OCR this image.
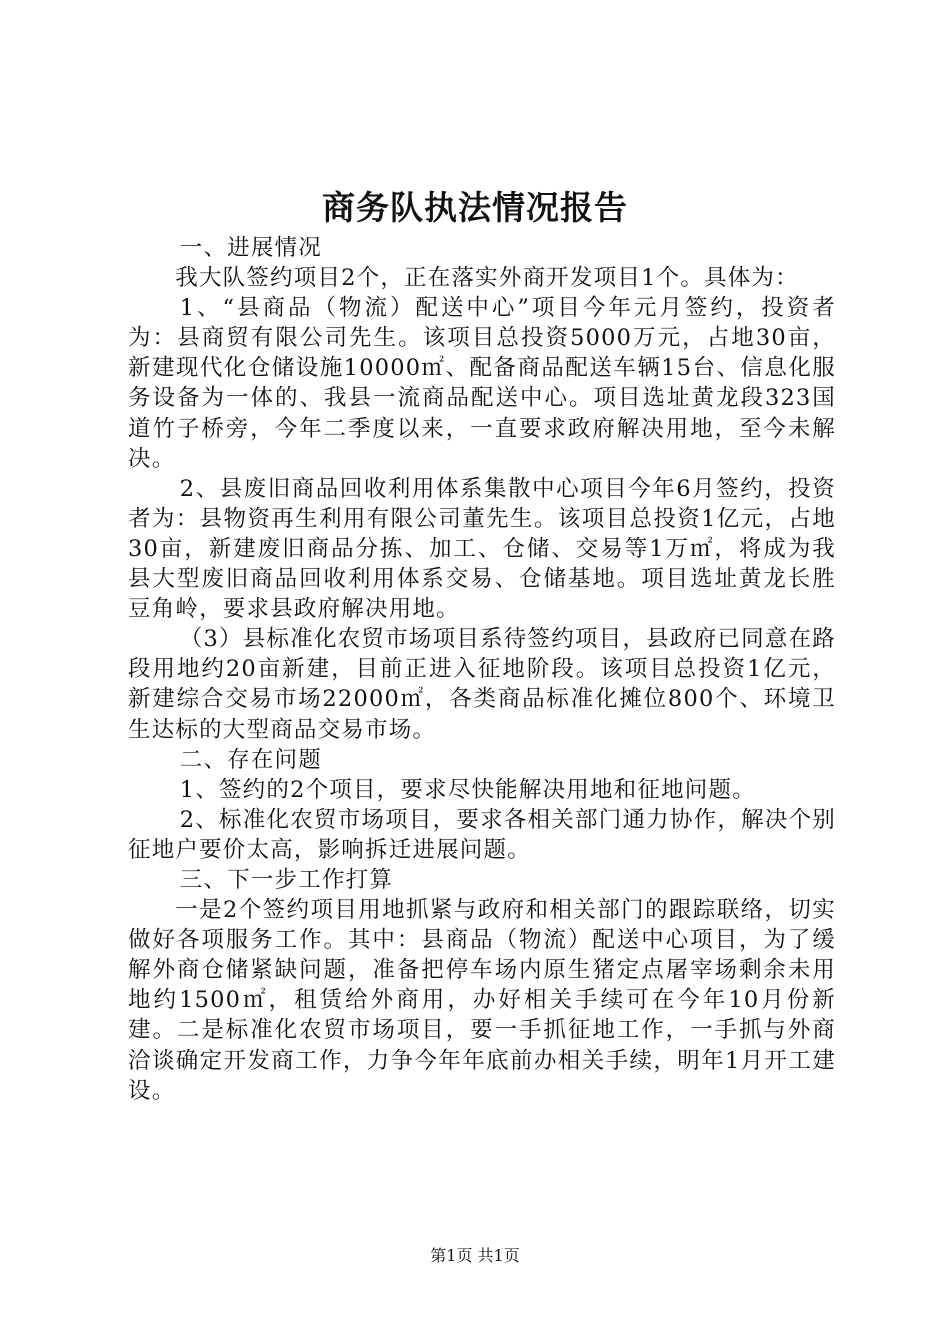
商务队执法情况报告

一、进展情况

我大队签约项目2个，正在落实外商开发项目1个。具体为：

1、“县商品（物流）配送中心”项目今年元月签约，投资者为：县商贸有限公司先生。该项目总投资5000万元，占地30亩，新建现代化仓储设施10000㎡、配备商品配送车辆15台、信息化服务设备为一体的、我县一流商品配送中心。项目选址黄龙段323国道竹子桥旁，今年二季度以来，一直要求政府解决用地，至今未解决。

2、县废旧商品回收利用体系集散中心项目今年6月签约，投资者为：县物资再生利用有限公司董先生。该项目总投资1亿元，占地30亩，新建废旧商品分拣、加工、仓储、交易等1万㎡，将成为我县大型废旧商品回收利用体系交易、仓储基地。项目选址黄龙长胜豆角岭，要求县政府解决用地。

（3）县标准化农贸市场项目系待签约项目，县政府已同意在路段用地约20亩新建，目前正进入征地阶段。该项目总投资1亿元，新建综合交易市场22000㎡，各类商品标准化摊位800个、环境卫生达标的大型商品交易市场。

二、存在问题

1、签约的2个项目，要求尽快能解决用地和征地问题。

2、标准化农贸市场项目，要求各相关部门通力协作，解决个别征地户要价太高，影响拆迁进展问题。

三、下一步工作打算

一是2个签约项目用地抓紧与政府和相关部门的跟踪联络，切实做好各项服务工作。其中：县商品（物流）配送中心项目，为了缓解外商仓储紧缺问题，准备把停车场内原生猪定点屠宰场剩余未用地约1500㎡，租赁给外商用，办好相关手续可在今年10月份新建。二是标准化农贸市场项目，要一手抓征地工作，一手抓与外商洽谈确定开发商工作，力争今年年底前办相关手续，明年1月开工建设。

第1页 共1页
